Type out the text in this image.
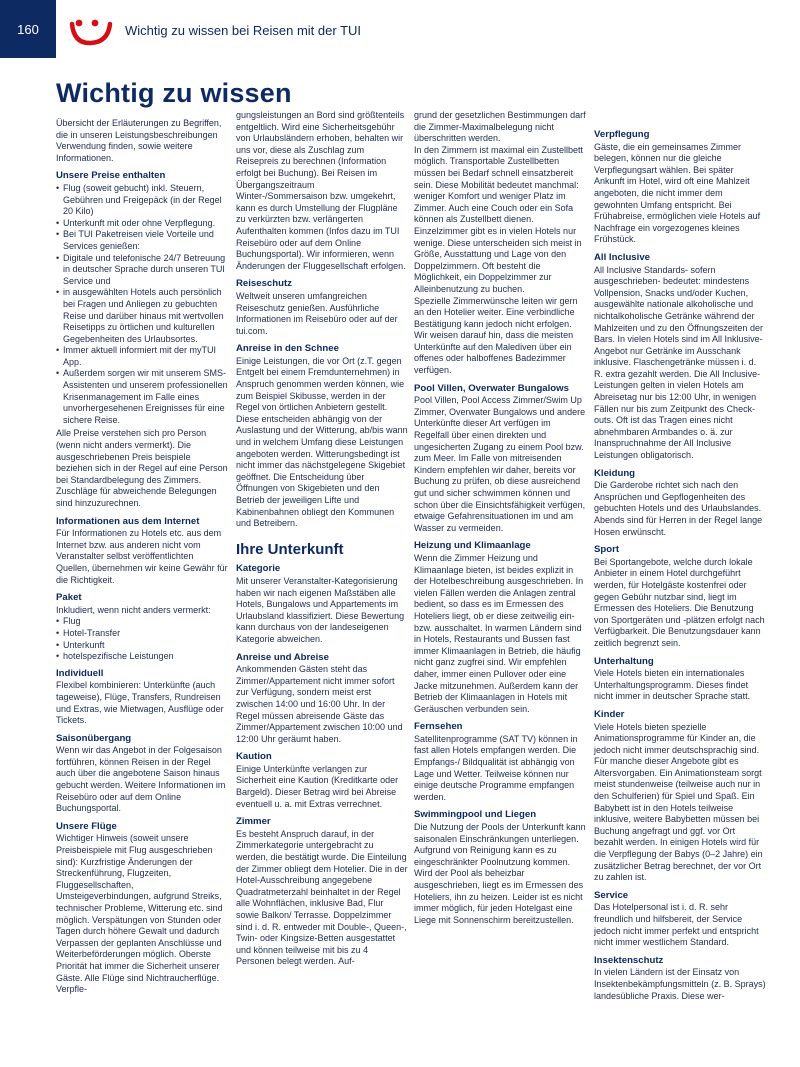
160	Wichtig zu wissen bei Reisen mit der TUI
Wichtig zu wissen

Übersicht der Erläuterungen zu Begriffen, die in unseren Leistungsbeschreibungen Verwendung finden, sowie weitere Informationen.

Unsere Preise enthalten
• Flug (soweit gebucht) inkl. Steuern, Gebühren und Freigepäck (in der Regel 20 Kilo)
• Unterkunft mit oder ohne Verpflegung.
• Bei TUI Paketreisen viele Vorteile und Services genießen:
• Digitale und telefonische 24/7 Betreuung in deutscher Sprache durch unseren TUI Service und
• in ausgewählten Hotels auch persönlich bei Fragen und Anliegen zu gebuchten Reise und darüber hinaus mit wertvollen Reisetipps zu örtlichen und kulturellen Gegebenheiten des Urlaubsortes.
• Immer aktuell informiert mit der myTUI App.
• Außerdem sorgen wir mit unserem SMS-Assistenten und unserem professionellen Krisenmanagement im Falle eines unvorhergesehenen Ereignisses für eine sichere Reise.

Alle Preise verstehen sich pro Person (wenn nicht anders vermerkt). Die ausgeschriebenen Preis beispiele beziehen sich in der Regel auf eine Person bei Standardbelegung des Zimmers. Zuschläge für abweichende Belegungen sind hinzuzurechnen.

Informationen aus dem Internet

Für Informationen zu Hotels etc. aus dem Internet bzw. aus anderen nicht vom Veranstalter selbst veröffentlichten Quellen, übernehmen wir keine Gewähr für die Richtigkeit.

Paket
Inkludiert, wenn nicht anders vermerkt:
• Flug
• Hotel-Transfer
• Unterkunft
• hotelspezifische Leistungen
Individuell

Flexibel kombinieren: Unterkünfte (auch tageweise), Flüge, Transfers, Rundreisen und Extras, wie Mietwagen, Ausflüge oder Tickets.

Saisonübergang

Wenn wir das Angebot in der Folgesaison fortführen, können Reisen in der Regel auch über die angebotene Saison hinaus gebucht werden. Weitere Informationen im Reisebüro oder auf dem Online Buchungsportal.

Unsere Flüge

Wichtiger Hinweis (soweit unsere Preisbeispiele mit Flug ausgeschrieben sind): Kurzfristige Änderungen der Streckenführung, Flugzeiten, Fluggesellschaften, Umsteigeverbindungen, aufgrund Streiks, technischer Probleme, Witterung etc. sind möglich. Verspätungen von Stunden oder Tagen durch höhere Gewalt und dadurch Verpassen der geplanten Anschlüsse und Weiterbeförderungen möglich. Oberste Priorität hat immer die Sicherheit unserer Gäste. Alle Flüge sind Nichtraucherflüge. Verpfle-

gungsleistungen an Bord sind größtenteils entgeltlich. Wird eine Sicherheitsgebühr von Urlaubsländern erhoben, behalten wir uns vor, diese als Zuschlag zum Reisepreis zu berechnen (Information erfolgt bei Buchung). Bei Reisen im Übergangszeitraum Winter-/Sommersaison bzw. umgekehrt, kann es durch Umstellung der Flugpläne zu verkürzten bzw. verlängerten Aufenthalten kommen (Infos dazu im TUI Reisebüro oder auf dem Online Buchungsportal). Wir informieren, wenn Änderungen der Fluggesellschaft erfolgen.

Reiseschutz

Weltweit unseren umfangreichen Reiseschutz genießen. Ausführliche Informationen im Reisebüro oder auf der tui.com.

Anreise in den Schnee

Einige Leistungen, die vor Ort (z.T. gegen Entgelt bei einem Fremdunternehmen) in Anspruch genommen werden können, wie zum Beispiel Skibusse, werden in der Regel von örtlichen Anbietern gestellt. Diese entscheiden abhängig von der Auslastung und der Witterung, ab/bis wann und in welchem Umfang diese Leistungen angeboten werden. Witterungsbedingt ist nicht immer das nächstgelegene Skigebiet geöffnet. Die Entscheidung über Öffnungen von Skigebieten und den Betrieb der jeweiligen Lifte und Kabinenbahnen obliegt den Kommunen und Betreibern.

Ihre Unterkunft
Kategorie

Mit unserer Veranstalter-Kategorisierung haben wir nach eigenen Maßstäben alle Hotels, Bungalows und Appartements im Urlaubsland klassifiziert. Diese Bewertung kann durchaus von der landeseigenen Kategorie abweichen.

Anreise und Abreise

Ankommenden Gästen steht das Zimmer/Appartement nicht immer sofort zur Verfügung, sondern meist erst zwischen 14:00 und 16:00 Uhr. In der Regel müssen abreisende Gäste das Zimmer/Appartement zwischen 10:00 und 12:00 Uhr geräumt haben.

Kaution

Einige Unterkünfte verlangen zur Sicherheit eine Kaution (Kreditkarte oder Bargeld). Dieser Betrag wird bei Abreise eventuell u. a. mit Extras verrechnet.

Zimmer

Es besteht Anspruch darauf, in der Zimmerkategorie untergebracht zu werden, die bestätigt wurde. Die Einteilung der Zimmer obliegt dem Hotelier. Die in der Hotel-Ausschreibung angegebene Quadratmeterzahl beinhaltet in der Regel alle Wohnflächen, inklusive Bad, Flur sowie Balkon/ Terrasse. Doppelzimmer sind i. d. R. entweder mit Double-, Queen-, Twin- oder Kingsize-Betten ausgestattet und können teilweise mit bis zu 4 Personen belegt werden. Auf-

grund der gesetzlichen Bestimmungen darf die Zimmer-Maximalbelegung nicht überschritten werden.
In den Zimmern ist maximal ein Zustellbett möglich. Transportable Zustellbetten müssen bei Bedarf schnell einsatzbereit sein. Diese Mobilität bedeutet manchmal: weniger Komfort und weniger Platz im Zimmer. Auch eine Couch oder ein Sofa können als Zustellbett dienen.
Einzelzimmer gibt es in vielen Hotels nur wenige. Diese unterscheiden sich meist in Größe, Ausstattung und Lage von den Doppelzimmern. Oft besteht die Möglichkeit, ein Doppelzimmer zur Alleinbenutzung zu buchen.
Spezielle Zimmerwünsche leiten wir gern an den Hotelier weiter. Eine verbindliche Bestätigung kann jedoch nicht erfolgen.

Wir weisen darauf hin, dass die meisten Unterkünfte auf den Malediven über ein offenes oder halboffenes Badezimmer verfügen.

Pool Villen, Overwater Bungalows

Pool Villen, Pool Access Zimmer/Swim Up Zimmer, Overwater Bungalows und andere Unterkünfte dieser Art verfügen im Regelfall über einen direkten und ungesicherten Zugang zu einem Pool bzw. zum Meer. Im Falle von mitreisenden Kindern empfehlen wir daher, bereits vor Buchung zu prüfen, ob diese ausreichend gut und sicher schwimmen können und schon über die Einsichtsfähigkeit verfügen, etwaige Gefahrensituationen im und am Wasser zu vermeiden.

Heizung und Klimaanlage

Wenn die Zimmer Heizung und Klimaanlage bieten, ist beides explizit in der Hotelbeschreibung ausgeschrieben. In vielen Fällen werden die Anlagen zentral bedient, so dass es im Ermessen des Hoteliers liegt, ob er diese zeitweilig ein- bzw. ausschaltet. In warmen Ländern sind in Hotels, Restaurants und Bussen fast immer Klimaanlagen in Betrieb, die häufig nicht ganz zugfrei sind. Wir empfehlen daher, immer einen Pullover oder eine Jacke mitzunehmen. Außerdem kann der Betrieb der Klimaanlagen in Hotels mit Geräuschen verbunden sein.

Fernsehen

Satellitenprogramme (SAT TV) können in fast allen Hotels empfangen werden. Die Empfangs-/ Bildqualität ist abhängig von Lage und Wetter. Teilweise können nur einige deutsche Programme empfangen werden.

Swimmingpool und Liegen

Die Nutzung der Pools der Unterkunft kann saisonalen Einschränkungen unterliegen. Aufgrund von Reinigung kann es zu eingeschränkter Poolnutzung kommen. Wird der Pool als beheizbar ausgeschrieben, liegt es im Ermessen des Hoteliers, ihn zu heizen. Leider ist es nicht immer möglich, für jeden Hotelgast eine Liege mit Sonnenschirm bereitzustellen.

Verpflegung

Gäste, die ein gemeinsames Zimmer belegen, können nur die gleiche Verpflegungsart wählen. Bei später Ankunft im Hotel, wird oft eine Mahlzeit angeboten, die nicht immer dem gewohnten Umfang entspricht. Bei Frühabreise, ermöglichen viele Hotels auf Nachfrage ein vorgezogenes kleines Frühstück.

All Inclusive

All Inclusive Standards- sofern ausgeschrieben- bedeutet: mindestens Vollpension, Snacks und/oder Kuchen, ausgewählte nationale alkoholische und nichtalkoholische Getränke während der Mahlzeiten und zu den Öffnungszeiten der Bars. In vielen Hotels sind im All Inklusive-Angebot nur Getränke im Ausschank inklusive. Flaschengetränke müssen i. d. R. extra gezahlt werden. Die All Inclusive- Leistungen gelten in vielen Hotels am Abreisetag nur bis 12:00 Uhr, in wenigen Fällen nur bis zum Zeitpunkt des Check-outs. Oft ist das Tragen eines nicht abnehmbaren Armbandes o. ä. zur Inanspruchnahme der All Inclusive Leistungen obligatorisch.

Kleidung

Die Garderobe richtet sich nach den Ansprüchen und Gepflogenheiten des gebuchten Hotels und des Urlaubslandes. Abends sind für Herren in der Regel lange Hosen erwünscht.

Sport

Bei Sportangebote, welche durch lokale Anbieter in einem Hotel durchgeführt werden, für Hotelgäste kostenfrei oder gegen Gebühr nutzbar sind, liegt im Ermessen des Hoteliers. Die Benutzung von Sportgeräten und -plätzen erfolgt nach Verfügbarkeit. Die Benutzungsdauer kann zeitlich begrenzt sein.

Unterhaltung

Viele Hotels bieten ein internationales Unterhaltungsprogramm. Dieses findet nicht immer in deutscher Sprache statt.

Kinder

Viele Hotels bieten spezielle Animationsprogramme für Kinder an, die jedoch nicht immer deutschsprachig sind. Für manche dieser Angebote gibt es Altersvorgaben. Ein Animationsteam sorgt meist stundenweise (teilweise auch nur in den Schulferien) für Spiel und Spaß. Ein Babybett ist in den Hotels teilweise inklusive, weitere Babybetten müssen bei Buchung angefragt und ggf. vor Ort bezahlt werden. In einigen Hotels wird für die Verpflegung der Babys (0–2 Jahre) ein zusätzlicher Betrag berechnet, der vor Ort zu zahlen ist.

Service

Das Hotelpersonal ist i. d. R. sehr freundlich und hilfsbereit, der Service jedoch nicht immer perfekt und entspricht nicht immer westlichem Standard.

Insektenschutz

In vielen Ländern ist der Einsatz von Insektenbekämpfungsmitteln (z. B. Sprays) landesübliche Praxis. Diese wer-
